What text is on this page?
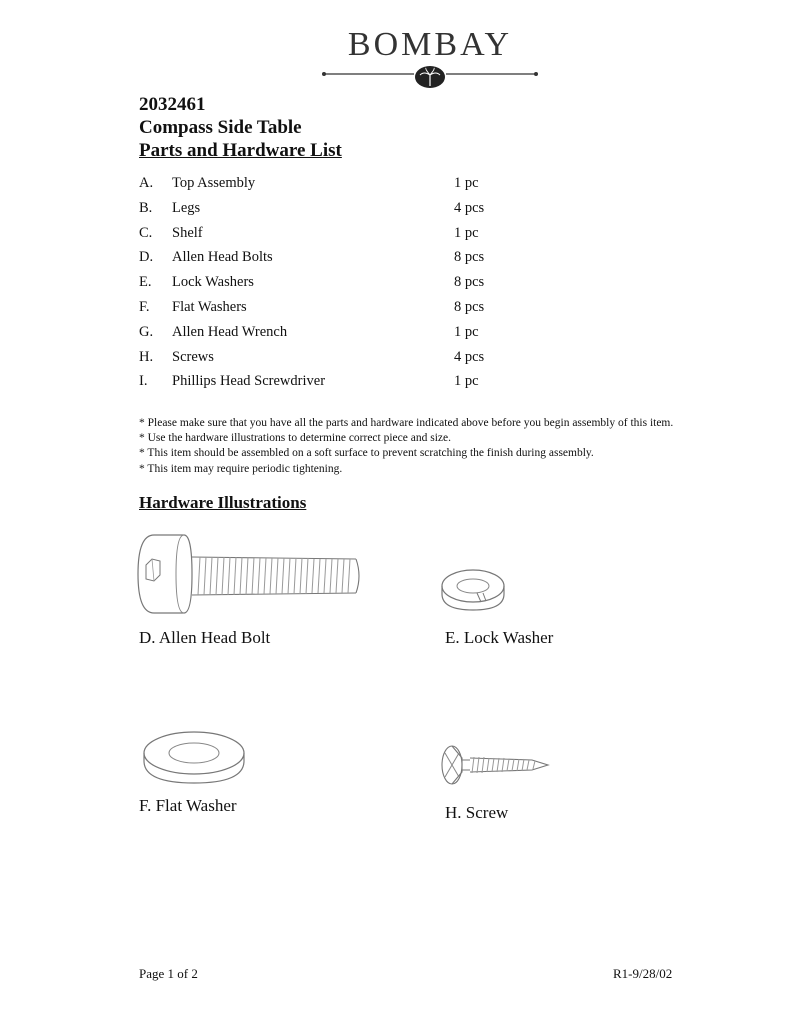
BOMBAY
2032461
Compass Side Table
Parts and Hardware List
A. Top Assembly	1 pc
B. Legs	4 pcs
C. Shelf	1 pc
D. Allen Head Bolts	8 pcs
E. Lock Washers	8 pcs
F. Flat Washers	8 pcs
G. Allen Head Wrench	1 pc
H. Screws	4 pcs
I. Phillips Head Screwdriver	1 pc
* Please make sure that you have all the parts and hardware indicated above before you begin assembly of this item.
* Use the hardware illustrations to determine correct piece and size.
* This item should be assembled on a soft surface to prevent scratching the finish during assembly.
* This item may require periodic tightening.
Hardware Illustrations
D. Allen Head Bolt	E. Lock Washer
F. Flat Washer	H. Screw
Page 1 of 2	R1-9/28/02
